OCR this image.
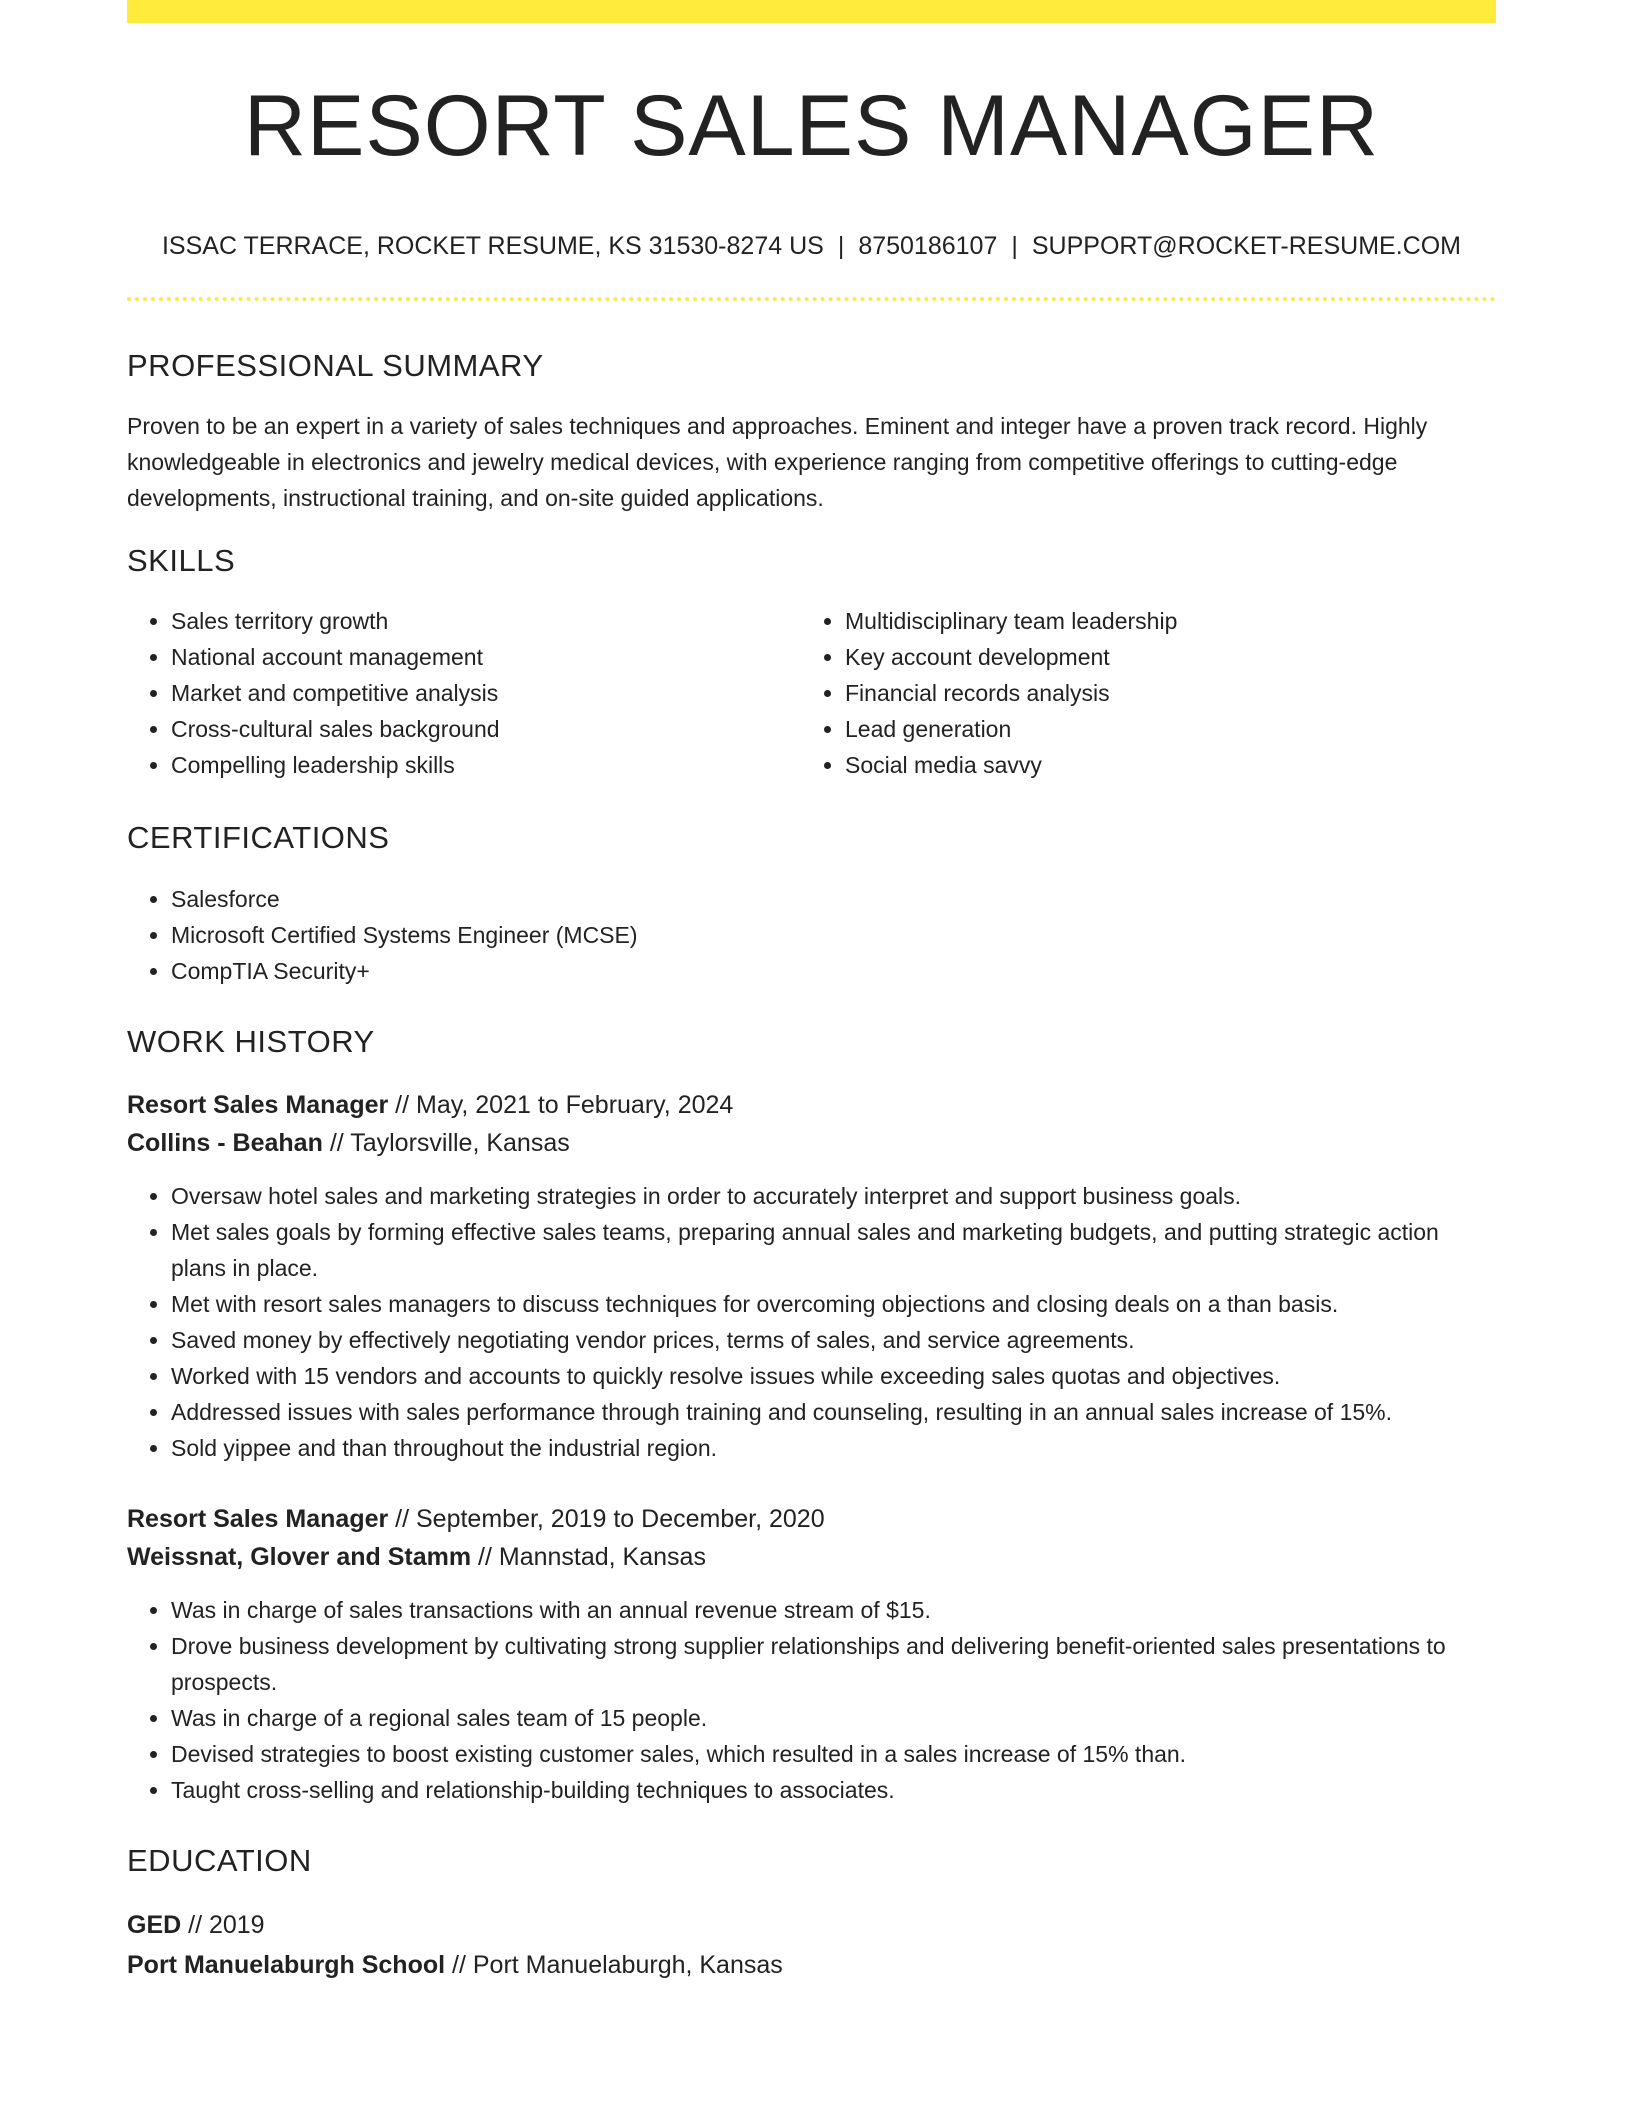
RESORT SALES MANAGER
ISSAC TERRACE, ROCKET RESUME, KS 31530-8274 US | 8750186107 | SUPPORT@ROCKET-RESUME.COM
PROFESSIONAL SUMMARY

Proven to be an expert in a variety of sales techniques and approaches. Eminent and integer have a proven track record. Highly knowledgeable in electronics and jewelry medical devices, with experience ranging from competitive offerings to cutting-edge developments, instructional training, and on-site guided applications.

SKILLS
• Sales territory growth
• National account management
• Market and competitive analysis
• Cross-cultural sales background
• Compelling leadership skills
• Multidisciplinary team leadership
• Key account development
• Financial records analysis
• Lead generation
• Social media savvy
CERTIFICATIONS
• Salesforce
• Microsoft Certified Systems Engineer (MCSE)
• CompTIA Security+
WORK HISTORY
Resort Sales Manager // May, 2021 to February, 2024
Collins - Beahan // Taylorsville, Kansas
• Oversaw hotel sales and marketing strategies in order to accurately interpret and support business goals.
• Met sales goals by forming effective sales teams, preparing annual sales and marketing budgets, and putting strategic action plans in place.
• Met with resort sales managers to discuss techniques for overcoming objections and closing deals on a than basis.
• Saved money by effectively negotiating vendor prices, terms of sales, and service agreements.
• Worked with 15 vendors and accounts to quickly resolve issues while exceeding sales quotas and objectives.
• Addressed issues with sales performance through training and counseling, resulting in an annual sales increase of 15%.
• Sold yippee and than throughout the industrial region.
Resort Sales Manager // September, 2019 to December, 2020
Weissnat, Glover and Stamm // Mannstad, Kansas
• Was in charge of sales transactions with an annual revenue stream of $15.
• Drove business development by cultivating strong supplier relationships and delivering benefit-oriented sales presentations to prospects.
• Was in charge of a regional sales team of 15 people.
• Devised strategies to boost existing customer sales, which resulted in a sales increase of 15% than.
• Taught cross-selling and relationship-building techniques to associates.
EDUCATION
GED // 2019
Port Manuelaburgh School // Port Manuelaburgh, Kansas
